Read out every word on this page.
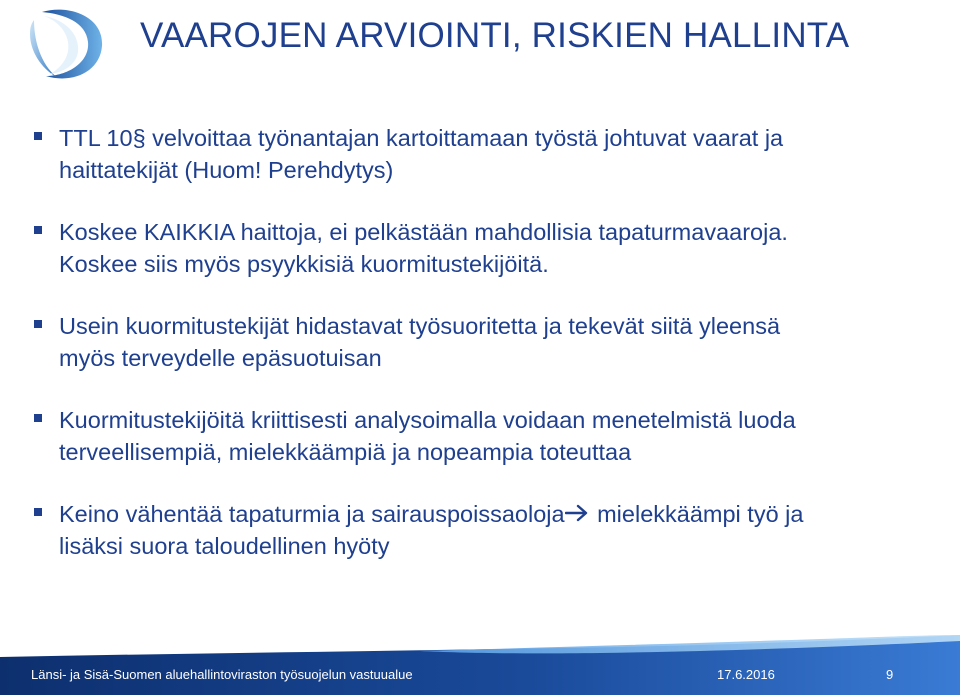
VAAROJEN ARVIOINTI, RISKIEN HALLINTA
TTL 10§ velvoittaa työnantajan kartoittamaan työstä johtuvat vaarat ja
haittatekijät (Huom! Perehdytys)
Koskee KAIKKIA haittoja, ei pelkästään mahdollisia tapaturmavaaroja.
Koskee siis myös psyykkisiä kuormitustekijöitä.
Usein kuormitustekijät hidastavat työsuoritetta ja tekevät siitä yleensä
myös terveydelle epäsuotuisan
Kuormitustekijöitä kriittisesti analysoimalla voidaan menetelmistä luoda
terveellisempiä, mielekkäämpiä ja nopeampia toteuttaa
Keino vähentää tapaturmia ja sairauspoissaoloja mielekkäämpi työ ja
lisäksi suora taloudellinen hyöty
Länsi- ja Sisä-Suomen aluehallintoviraston työsuojelun vastuualue	17.6.2016	9
